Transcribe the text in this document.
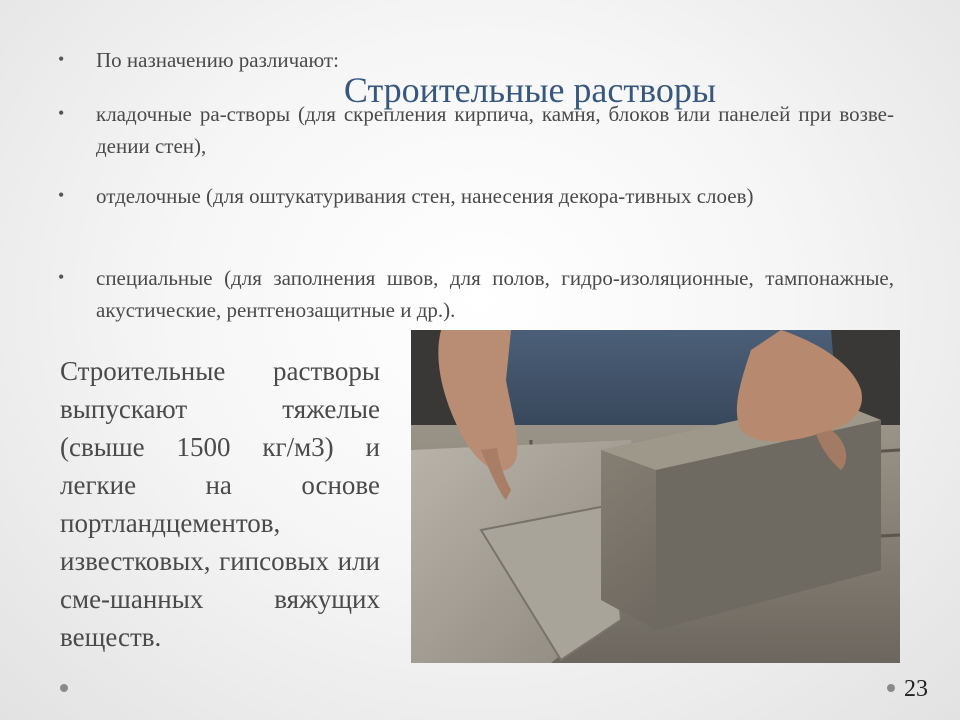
Строительные растворы
• По назначению различают:
• кладочные ра-створы (для скрепления кирпича, камня, блоков или панелей при возве-дении стен),
• отделочные (для оштукатуривания стен, нанесения декора-тивных слоев)
• специальные (для заполнения швов, для полов, гидро-изоляционные, тампонажные, акустические, рентгенозащитные и др.).
Строительные растворы выпускают тяжелые (свыше 1500 кг/м3) и легкие на основе портландцементов, известковых, гипсовых или сме-шанных вяжущих веществ.
23
